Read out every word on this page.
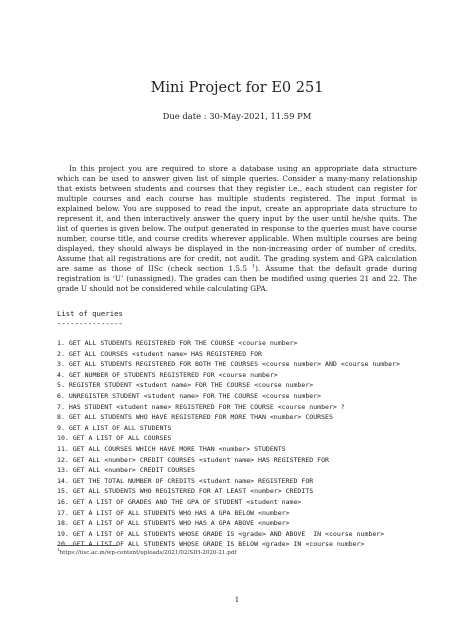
Mini Project for E0 251
Due date : 30-May-2021, 11.59 PM

In this project you are required to store a database using an appropriate data structure which can be used to answer given list of simple queries. Consider a many-many relationship that exists between students and courses that they register i.e., each student can register for multiple courses and each course has multiple students registered. The input format is explained below. You are supposed to read the input, create an appropriate data structure to represent it, and then interactively answer the query input by the user until he/she quits. The list of queries is given below. The output generated in response to the queries must have course number, course title, and course credits wherever applicable. When multiple courses are being displayed, they should always be displayed in the non-increasing order of number of credits. Assume that all registrations are for credit, not audit. The grading system and GPA calculation are same as those of IISc (check section 1.5.5 $^1$). Assume that the default grade during registration is ‘U’ (unassigned). The grades can then be modified using queries 21 and 22. The grade U should not be considered while calculating GPA.

List of queries
---------------
1. GET ALL STUDENTS REGISTERED FOR THE COURSE <course number>
2. GET ALL COURSES <student name> HAS REGISTERED FOR
3. GET ALL STUDENTS REGISTERED FOR BOTH THE COURSES <course number> AND <course number>
4. GET NUMBER OF STUDENTS REGISTERED FOR <course number>
5. REGISTER STUDENT <student name> FOR THE COURSE <course number>
6. UNREGISTER STUDENT <student name> FOR THE COURSE <course number>
7. HAS STUDENT <student name> REGISTERED FOR THE COURSE <course number> ?
8. GET ALL STUDENTS WHO HAVE REGISTERED FOR MORE THAN <number> COURSES
9. GET A LIST OF ALL STUDENTS
10. GET A LIST OF ALL COURSES
11. GET ALL COURSES WHICH HAVE MORE THAN <number> STUDENTS
12. GET ALL <number> CREDIT COURSES <student name> HAS REGISTERED FOR
13. GET ALL <number> CREDIT COURSES
14. GET THE TOTAL NUMBER OF CREDITS <student name> REGISTERED FOR
15. GET ALL STUDENTS WHO REGISTERED FOR AT LEAST <number> CREDITS
16. GET A LIST OF GRADES AND THE GPA OF STUDENT <student name>
17. GET A LIST OF ALL STUDENTS WHO HAS A GPA BELOW <number>
18. GET A LIST OF ALL STUDENTS WHO HAS A GPA ABOVE <number>
19. GET A LIST OF ALL STUDENTS WHOSE GRADE IS <grade> AND ABOVE  IN <course number>
20. GET A LIST OF ALL STUDENTS WHOSE GRADE IS BELOW <grade> IN <course number>
$^1$https://iisc.ac.in/wp-content/uploads/2021/02/SIH-2020-21.pdf
1
